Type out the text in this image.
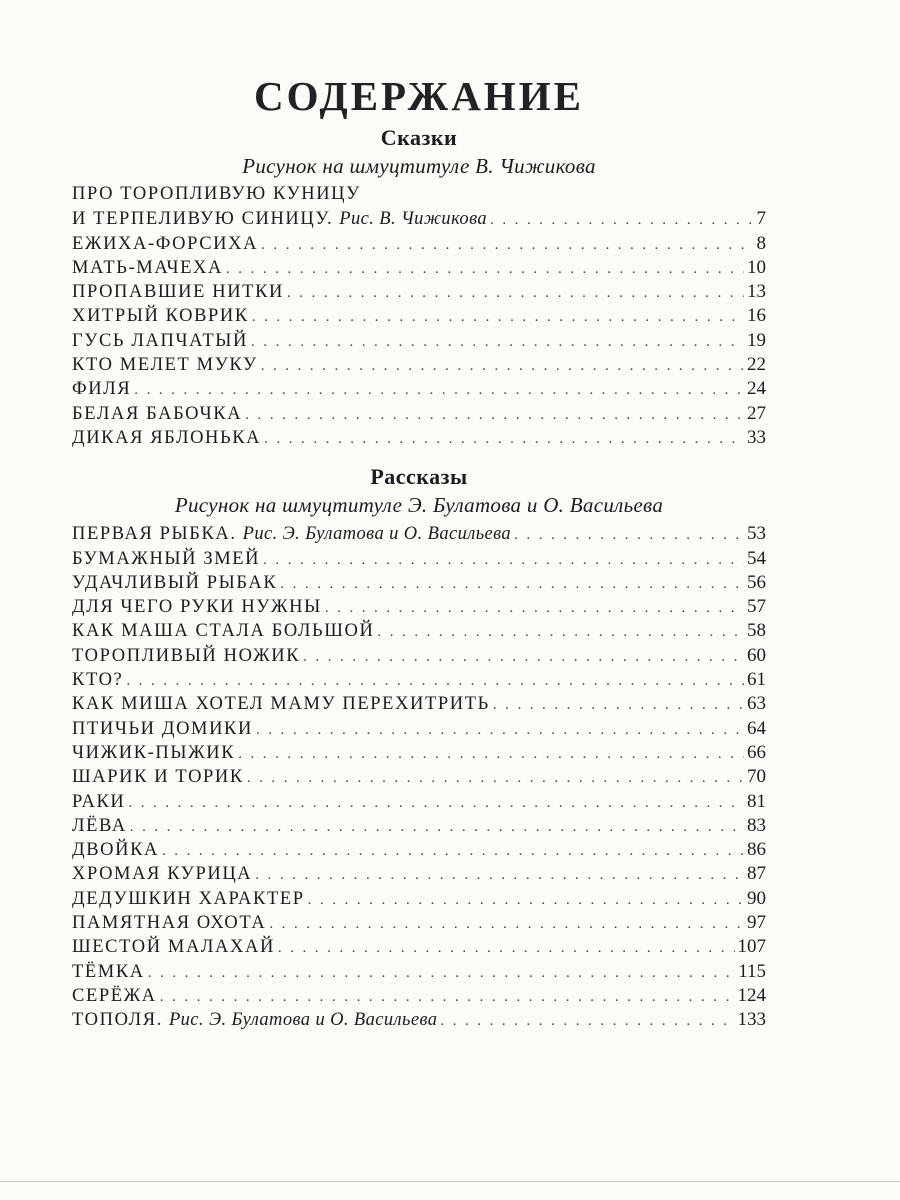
СОДЕРЖАНИЕ
Сказки
Рисунок на шмуцтитуле В. Чижикова
ПРО ТОРОПЛИВУЮ КУНИЦУ
И ТЕРПЕЛИВУЮ СИНИЦУ. Рис. В. Чижикова . . .	7
ЕЖИХА-ФОРСИХА . . .	8
МАТЬ-МАЧЕХА . . .	10
ПРОПАВШИЕ НИТКИ . . .	13
ХИТРЫЙ КОВРИК . . .	16
ГУСЬ ЛАПЧАТЫЙ . . .	19
КТО МЕЛЕТ МУКУ . . .	22
ФИЛЯ . . .	24
БЕЛАЯ БАБОЧКА . . .	27
ДИКАЯ ЯБЛОНЬКА . . .	33
Рассказы
Рисунок на шмуцтитуле Э. Булатова и О. Васильева
ПЕРВАЯ РЫБКА. Рис. Э. Булатова и О. Васильева . . .	53
БУМАЖНЫЙ ЗМЕЙ . . .	54
УДАЧЛИВЫЙ РЫБАК . . .	56
ДЛЯ ЧЕГО РУКИ НУЖНЫ . . .	57
КАК МАША СТАЛА БОЛЬШОЙ . . .	58
ТОРОПЛИВЫЙ НОЖИК . . .	60
КТО? . . .	61
КАК МИША ХОТЕЛ МАМУ ПЕРЕХИТРИТЬ . . .	63
ПТИЧЬИ ДОМИКИ . . .	64
ЧИЖИК-ПЫЖИК . . .	66
ШАРИК И ТОРИК . . .	70
РАКИ . . .	81
ЛЁВА . . .	83
ДВОЙКА . . .	86
ХРОМАЯ КУРИЦА . . .	87
ДЕДУШКИН ХАРАКТЕР . . .	90
ПАМЯТНАЯ ОХОТА . . .	97
ШЕСТОЙ МАЛАХАЙ . . .	107
ТЁМКА . . .	115
СЕРЁЖА . . .	124
ТОПОЛЯ. Рис. Э. Булатова и О. Васильева . . .	133
